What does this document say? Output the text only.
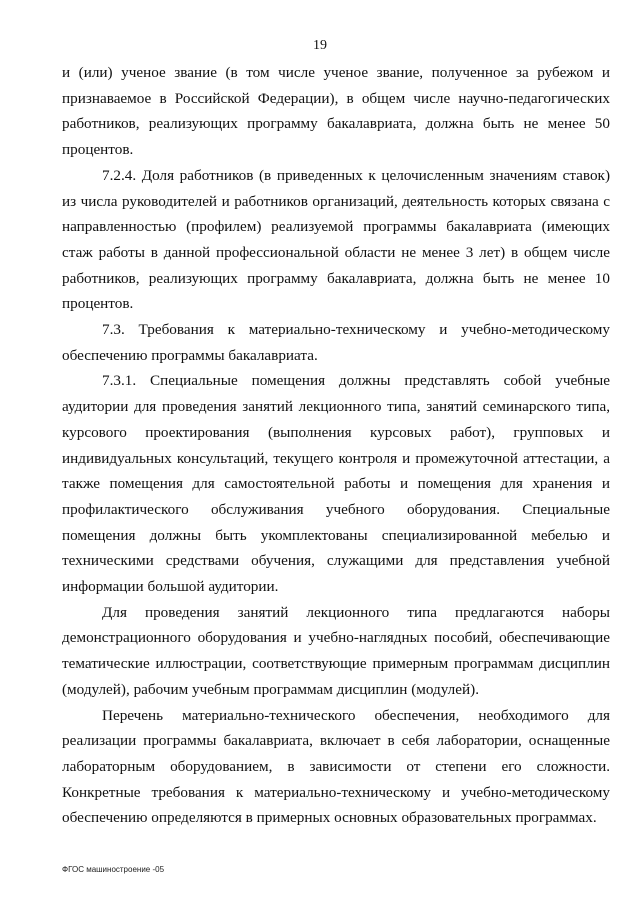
19

и (или) ученое звание (в том числе ученое звание, полученное за рубежом и признаваемое в Российской Федерации), в общем числе научно-педагогических работников, реализующих программу бакалавриата, должна быть не менее 50 процентов.

7.2.4. Доля работников (в приведенных к целочисленным значениям ставок) из числа руководителей и работников организаций, деятельность которых связана с направленностью (профилем) реализуемой программы бакалавриата (имеющих стаж работы в данной профессиональной области не менее 3 лет) в общем числе работников, реализующих программу бакалавриата, должна быть не менее 10 процентов.

7.3. Требования к материально-техническому и учебно-методическому обеспечению программы бакалавриата.

7.3.1. Специальные помещения должны представлять собой учебные аудитории для проведения занятий лекционного типа, занятий семинарского типа, курсового проектирования (выполнения курсовых работ), групповых и индивидуальных консультаций, текущего контроля и промежуточной аттестации, а также помещения для самостоятельной работы и помещения для хранения и профилактического обслуживания учебного оборудования. Специальные помещения должны быть укомплектованы специализированной мебелью и техническими средствами обучения, служащими для представления учебной информации большой аудитории.

Для проведения занятий лекционного типа предлагаются наборы демонстрационного оборудования и учебно-наглядных пособий, обеспечивающие тематические иллюстрации, соответствующие примерным программам дисциплин (модулей), рабочим учебным программам дисциплин (модулей).

Перечень материально-технического обеспечения, необходимого для реализации программы бакалавриата, включает в себя лаборатории, оснащенные лабораторным оборудованием, в зависимости от степени его сложности. Конкретные требования к материально-техническому и учебно-методическому обеспечению определяются в примерных основных образовательных программах.

ФГОС машиностроение -05
